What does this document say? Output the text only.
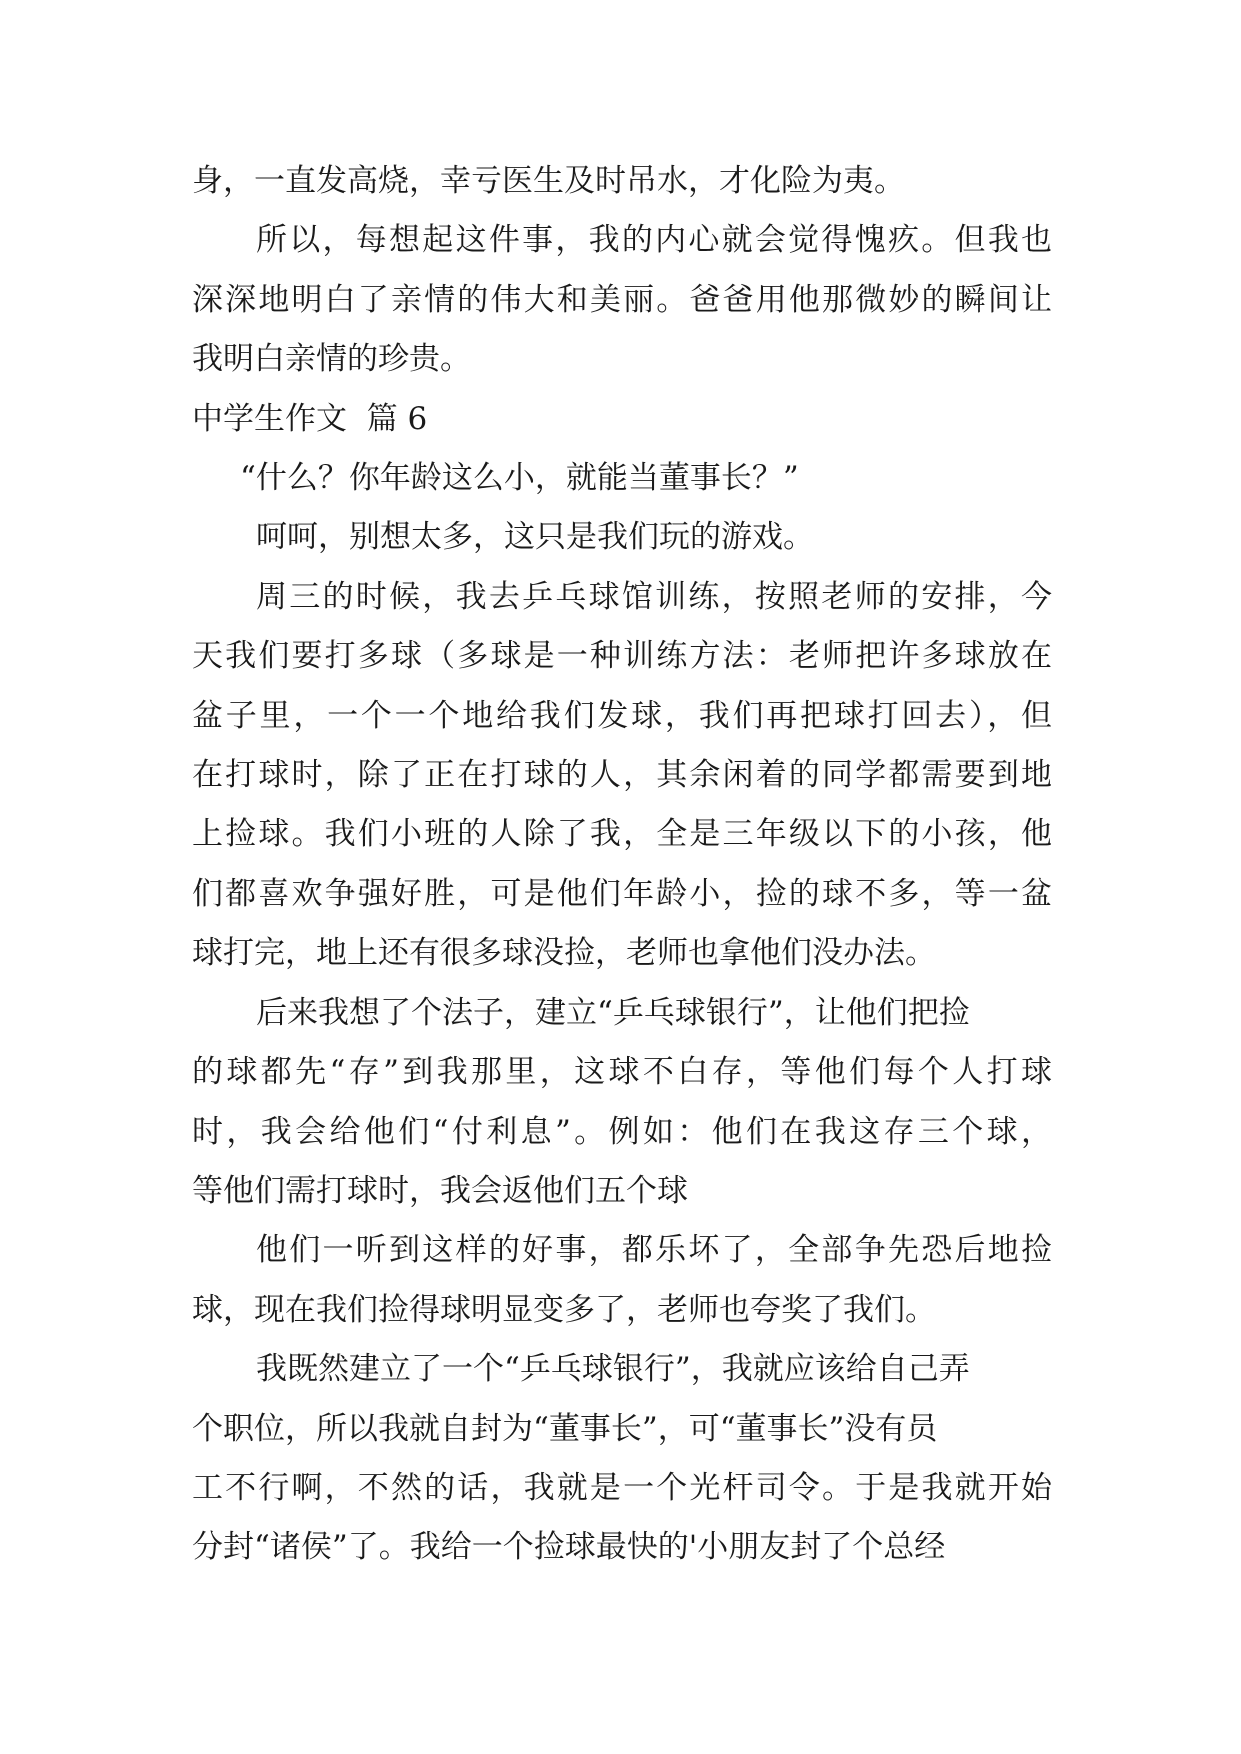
身，一直发高烧，幸亏医生及时吊水，才化险为夷。

所以，每想起这件事，我的内心就会觉得愧疚。但我也
深深地明白了亲情的伟大和美丽。爸爸用他那微妙的瞬间让
我明白亲情的珍贵。

中学生作文  篇 6

“什么？你年龄这么小，就能当董事长？”

呵呵，别想太多，这只是我们玩的游戏。

周三的时候，我去乒乓球馆训练，按照老师的安排，今
天我们要打多球（多球是一种训练方法：老师把许多球放在
盆子里，一个一个地给我们发球，我们再把球打回去），但
在打球时，除了正在打球的人，其余闲着的同学都需要到地
上捡球。我们小班的人除了我，全是三年级以下的小孩，他
们都喜欢争强好胜，可是他们年龄小，捡的球不多，等一盆
球打完，地上还有很多球没捡，老师也拿他们没办法。

后来我想了个法子，建立“乒乓球银行”，让他们把捡
的球都先“存”到我那里，这球不白存，等他们每个人打球
时，我会给他们“付利息”。例如：他们在我这存三个球，
等他们需打球时，我会返他们五个球

他们一听到这样的好事，都乐坏了，全部争先恐后地捡
球，现在我们捡得球明显变多了，老师也夸奖了我们。

我既然建立了一个“乒乓球银行”，我就应该给自己弄
个职位，所以我就自封为“董事长”，可“董事长”没有员
工不行啊，不然的话，我就是一个光杆司令。于是我就开始
分封“诸侯”了。我给一个捡球最快的'小朋友封了个总经
